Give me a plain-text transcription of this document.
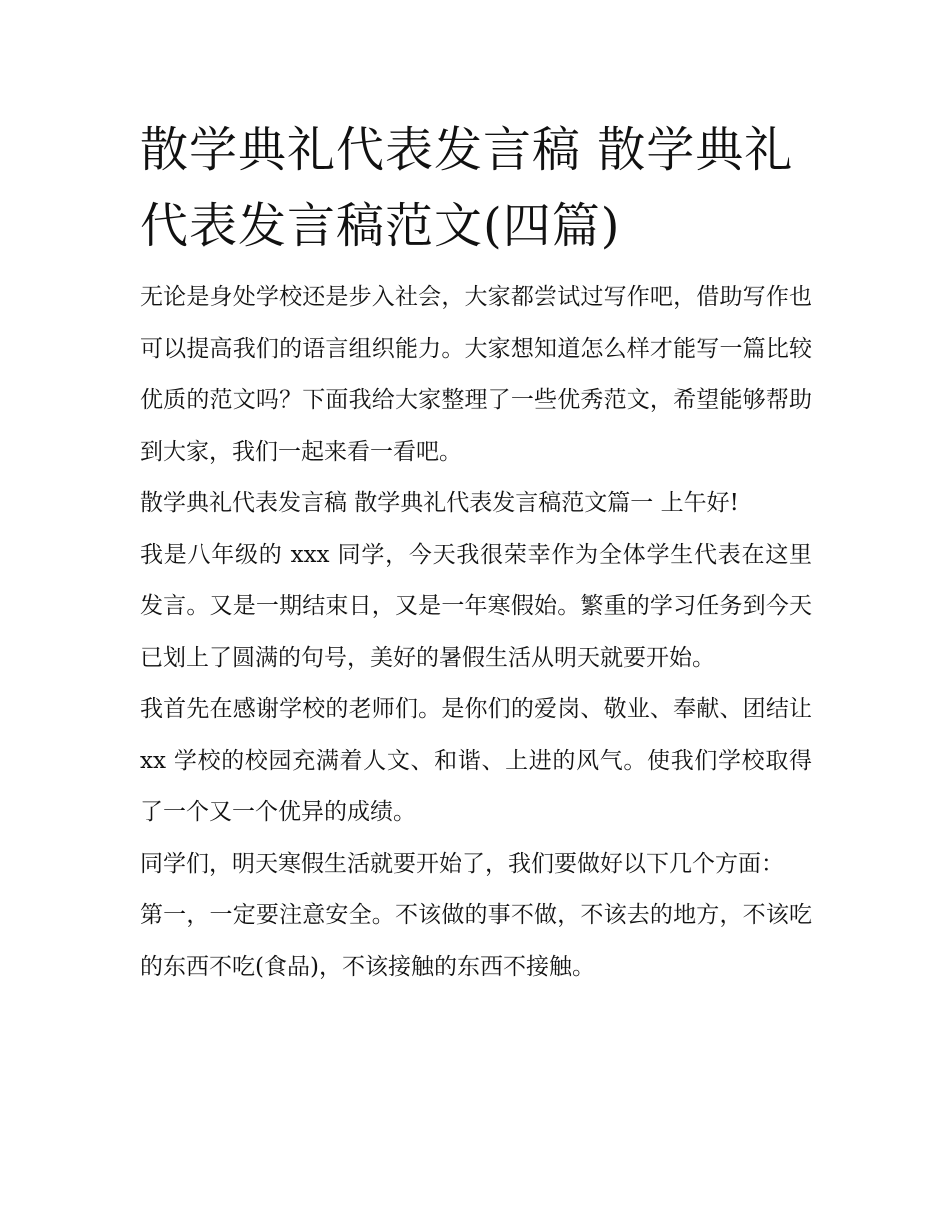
散学典礼代表发言稿 散学典礼代表发言稿范文(四篇)

无论是身处学校还是步入社会，大家都尝试过写作吧，借助写作也可以提高我们的语言组织能力。大家想知道怎么样才能写一篇比较优质的范文吗？下面我给大家整理了一些优秀范文，希望能够帮助到大家，我们一起来看一看吧。

散学典礼代表发言稿 散学典礼代表发言稿范文篇一 上午好!

我是八年级的 xxx 同学，今天我很荣幸作为全体学生代表在这里发言。又是一期结束日，又是一年寒假始。繁重的学习任务到今天已划上了圆满的句号，美好的暑假生活从明天就要开始。

我首先在感谢学校的老师们。是你们的爱岗、敬业、奉献、团结让 xx 学校的校园充满着人文、和谐、上进的风气。使我们学校取得了一个又一个优异的成绩。

同学们，明天寒假生活就要开始了，我们要做好以下几个方面：

第一，一定要注意安全。不该做的事不做，不该去的地方，不该吃的东西不吃(食品)，不该接触的东西不接触。
